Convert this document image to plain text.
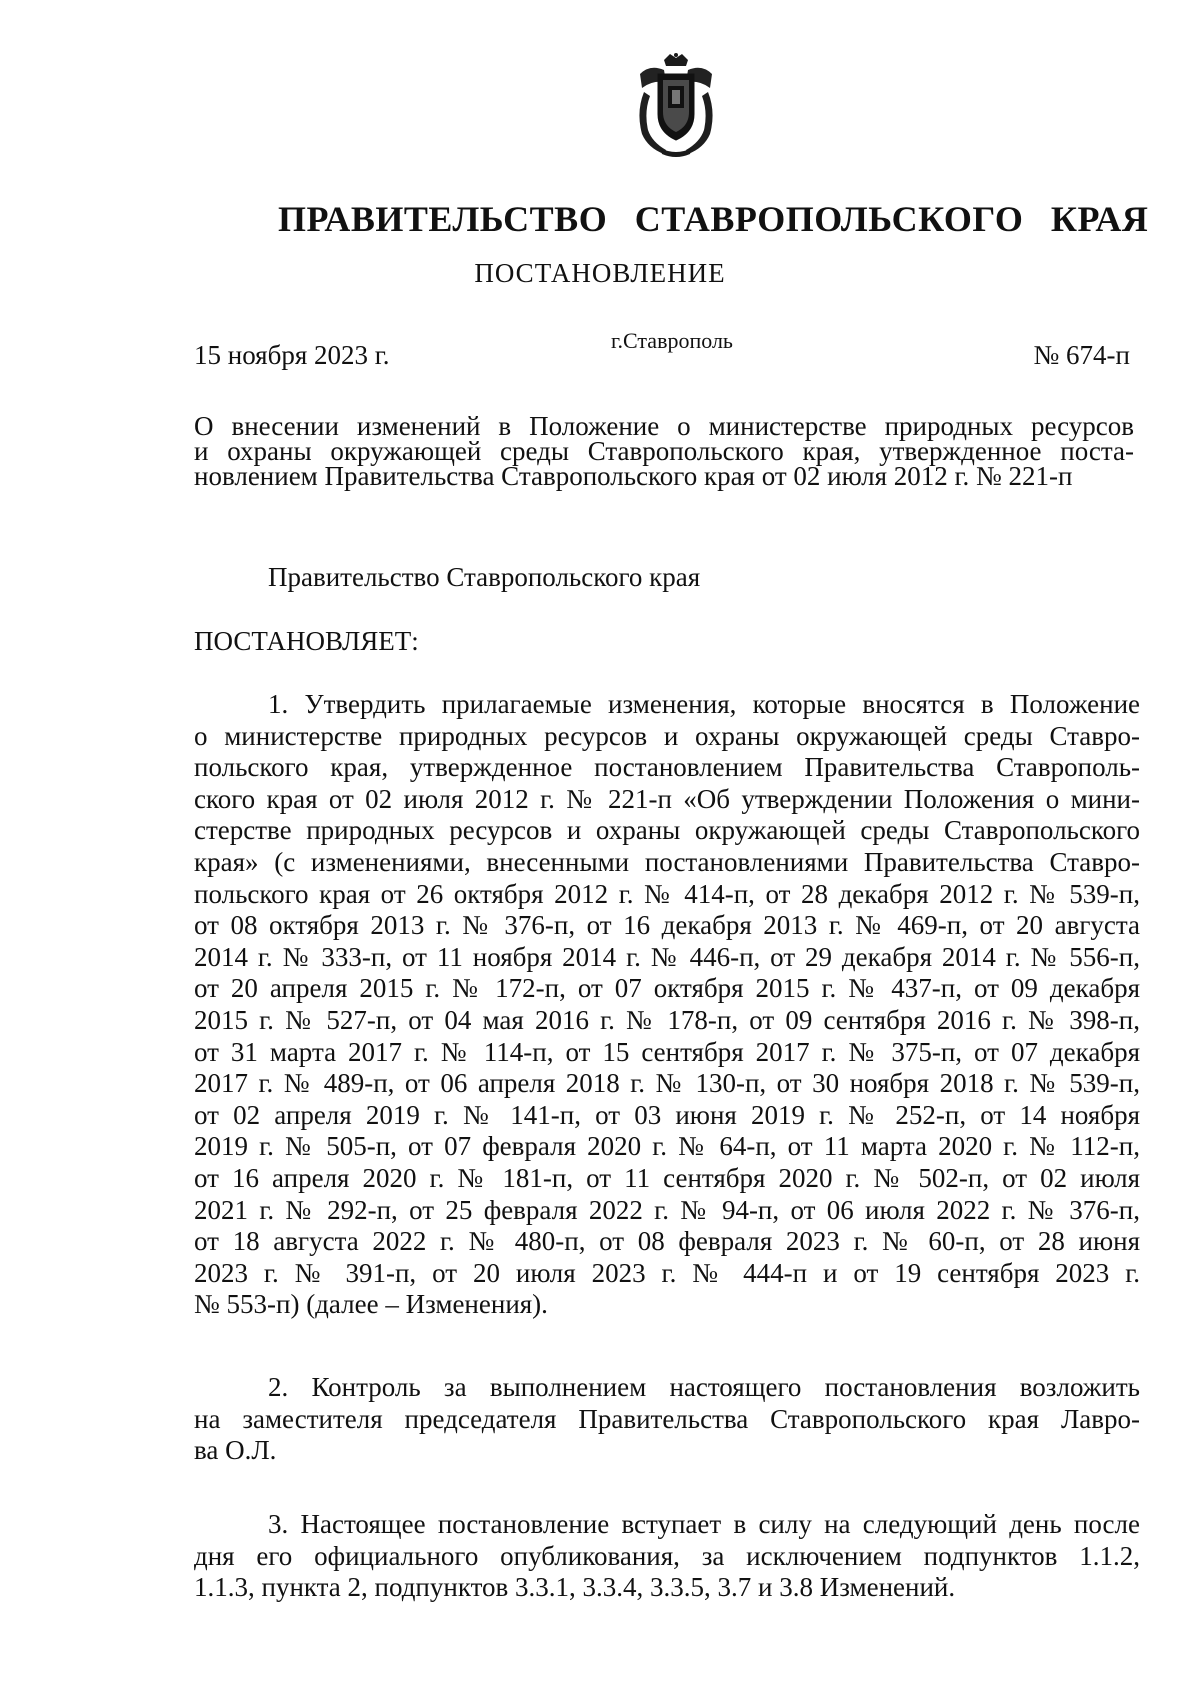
ПРАВИТЕЛЬСТВО СТАВРОПОЛЬСКОГО КРАЯ
ПОСТАНОВЛЕНИЕ
15 ноября 2023 г.	г.Ставрополь	№ 674-п
О внесении изменений в Положение о министерстве природных ресурсов
и охраны окружающей среды Ставропольского края, утвержденное поста-
новлением Правительства Ставропольского края от 02 июля 2012 г. № 221-п
Правительство Ставропольского края
ПОСТАНОВЛЯЕТ:
1. Утвердить прилагаемые изменения, которые вносятся в Положение
о министерстве природных ресурсов и охраны окружающей среды Ставро-
польского края, утвержденное постановлением Правительства Ставрополь-
ского края от 02 июля 2012 г. № 221-п «Об утверждении Положения о мини-
стерстве природных ресурсов и охраны окружающей среды Ставропольского
края» (с изменениями, внесенными постановлениями Правительства Ставро-
польского края от 26 октября 2012 г. № 414-п, от 28 декабря 2012 г. № 539-п,
от 08 октября 2013 г. № 376-п, от 16 декабря 2013 г. № 469-п, от 20 августа
2014 г. № 333-п, от 11 ноября 2014 г. № 446-п, от 29 декабря 2014 г. № 556-п,
от 20 апреля 2015 г. № 172-п, от 07 октября 2015 г. № 437-п, от 09 декабря
2015 г. № 527-п, от 04 мая 2016 г. № 178-п, от 09 сентября 2016 г. № 398-п,
от 31 марта 2017 г. № 114-п, от 15 сентября 2017 г. № 375-п, от 07 декабря
2017 г. № 489-п, от 06 апреля 2018 г. № 130-п, от 30 ноября 2018 г. № 539-п,
от 02 апреля 2019 г. № 141-п, от 03 июня 2019 г. № 252-п, от 14 ноября
2019 г. № 505-п, от 07 февраля 2020 г. № 64-п, от 11 марта 2020 г. № 112-п,
от 16 апреля 2020 г. № 181-п, от 11 сентября 2020 г. № 502-п, от 02 июля
2021 г. № 292-п, от 25 февраля 2022 г. № 94-п, от 06 июля 2022 г. № 376-п,
от 18 августа 2022 г. № 480-п, от 08 февраля 2023 г. № 60-п, от 28 июня
2023 г. № 391-п, от 20 июля 2023 г. № 444-п и от 19 сентября 2023 г.
№ 553-п) (далее – Изменения).
2. Контроль за выполнением настоящего постановления возложить
на заместителя председателя Правительства Ставропольского края Лавро-
ва О.Л.
3. Настоящее постановление вступает в силу на следующий день после
дня его официального опубликования, за исключением подпунктов 1.1.2,
1.1.3, пункта 2, подпунктов 3.3.1, 3.3.4, 3.3.5, 3.7 и 3.8 Изменений.
